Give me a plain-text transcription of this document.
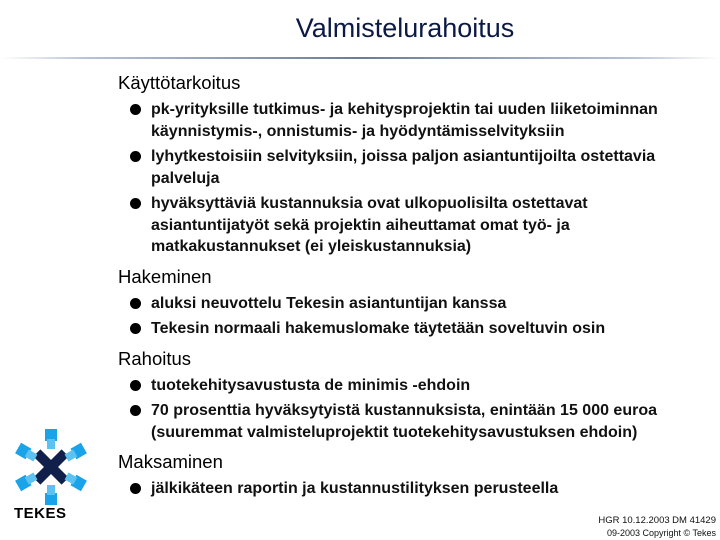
Valmistelurahoitus
Käyttötarkoitus
pk-yrityksille tutkimus- ja kehitysprojektin tai uuden liiketoiminnan
käynnistymis-, onnistumis- ja hyödyntämisselvityksiin
lyhytkestoisiin selvityksiin, joissa paljon asiantuntijoilta ostettavia
palveluja
hyväksyttäviä kustannuksia ovat ulkopuolisilta ostettavat
asiantuntijatyöt sekä projektin aiheuttamat omat työ- ja
matkakustannukset (ei yleiskustannuksia)
Hakeminen
aluksi neuvottelu Tekesin asiantuntijan kanssa
Tekesin normaali hakemuslomake täytetään soveltuvin osin
Rahoitus
tuotekehitysavustusta de minimis -ehdoin
70 prosenttia hyväksytyistä kustannuksista, enintään 15 000 euroa
(suuremmat valmisteluprojektit tuotekehitysavustuksen ehdoin)
Maksaminen
jälkikäteen raportin ja kustannustilityksen perusteella
TEKES	HGR 10.12.2003 DM 41429
09-2003 Copyright © Tekes
